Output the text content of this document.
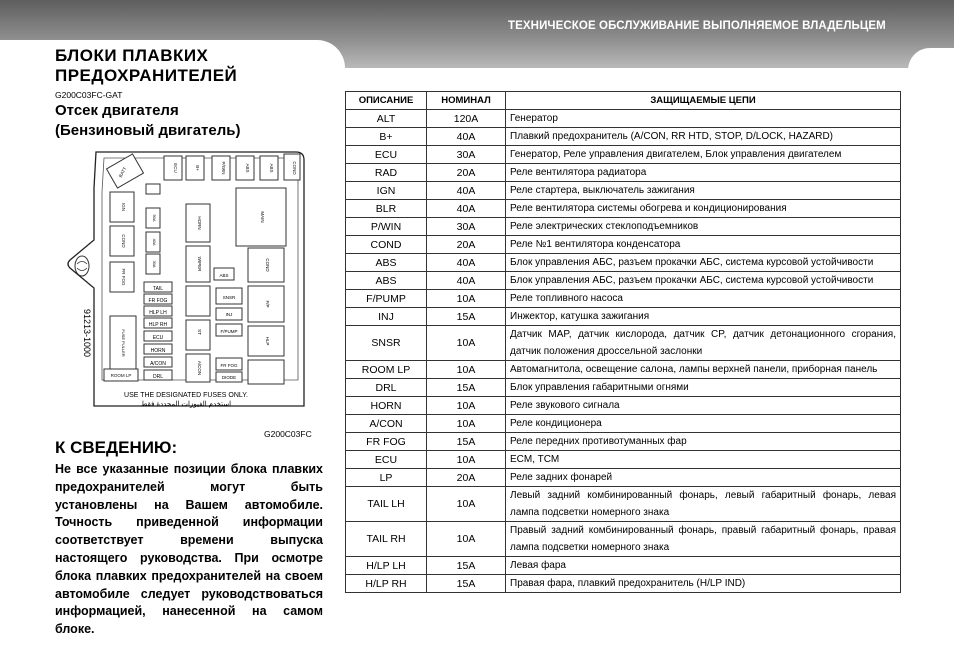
ТЕХНИЧЕСКОЕ ОБСЛУЖИВАНИЕ ВЫПОЛНЯЕМОЕ ВЛАДЕЛЬЦЕМ
БЛОКИ ПЛАВКИХ
ПРЕДОХРАНИТЕЛЕЙ
G200C03FC-GAT
Отсек двигателя
(Бензиновый двигатель)
BATT	ECU	B+	P/WIN	ABS	ABS	COND
IGN
COND
FR FOG
ROOM LP
FUSE PULLER
50A
40A
30A
TAIL
FR FOG
HLP LH
HLP RH
ECU
HORN
A/CON
DRL
HORN	MAIN
WIPER
ABS
COND
F/P
ST
A/CON
HLP
DIODE
INJ
SNSR
F/PUMP
FR FOG
91213-1000
USE THE DESIGNATED FUSES ONLY.
استخدم الفيوزات المحددة فقط
G200C03FC
К СВЕДЕНИЮ:
Не все указанные позиции блока плавких предохранителей могут быть установлены на Вашем автомобиле. Точность приведенной информации соответствует времени выпуска настоящего руководства. При осмотре блока плавких предохранителей на своем автомобиле следует руководствоваться информацией, нанесенной на самом блоке.
ОПИСАНИЕ	НОМИНАЛ	ЗАЩИЩАЕМЫЕ ЦЕПИ
ALT	120A	Генератор
B+	40A	Плавкий предохранитель (A/CON, RR HTD, STOP, D/LOCK, HAZARD)
ECU	30A	Генератор, Реле управления двигателем, Блок управления двигателем
RAD	20A	Реле вентилятора радиатора
IGN	40A	Реле стартера, выключатель зажигания
BLR	40A	Реле вентилятора системы обогрева и кондиционирования
P/WIN	30A	Реле электрических стеклоподъемников
COND	20A	Реле №1 вентилятора конденсатора
ABS	40A	Блок управления АБС, разъем прокачки АБС, система курсовой устойчивости
ABS	40A	Блок управления АБС, разъем прокачки АБС, система курсовой устойчивости
F/PUMP	10A	Реле топливного насоса
INJ	15A	Инжектор, катушка зажигания
SNSR	10A	Датчик MAP, датчик кислорода, датчик CP, датчик детонационного сгорания, датчик положения дроссельной заслонки
ROOM LP	10A	Автомагнитола, освещение салона, лампы верхней панели, приборная панель
DRL	15A	Блок управления габаритными огнями
HORN	10A	Реле звукового сигнала
A/CON	10A	Реле кондиционера
FR FOG	15A	Реле передних противотуманных фар
ECU	10A	ECM, TCM
LP	20A	Реле задних фонарей
TAIL LH	10A	Левый задний комбинированный фонарь, левый габаритный фонарь, левая лампа подсветки номерного знака
TAIL RH	10A	Правый задний комбинированный фонарь, правый габаритный фонарь, правая лампа подсветки номерного знака
H/LP LH	15A	Левая фара
H/LP RH	15A	Правая фара, плавкий предохранитель (H/LP IND)
